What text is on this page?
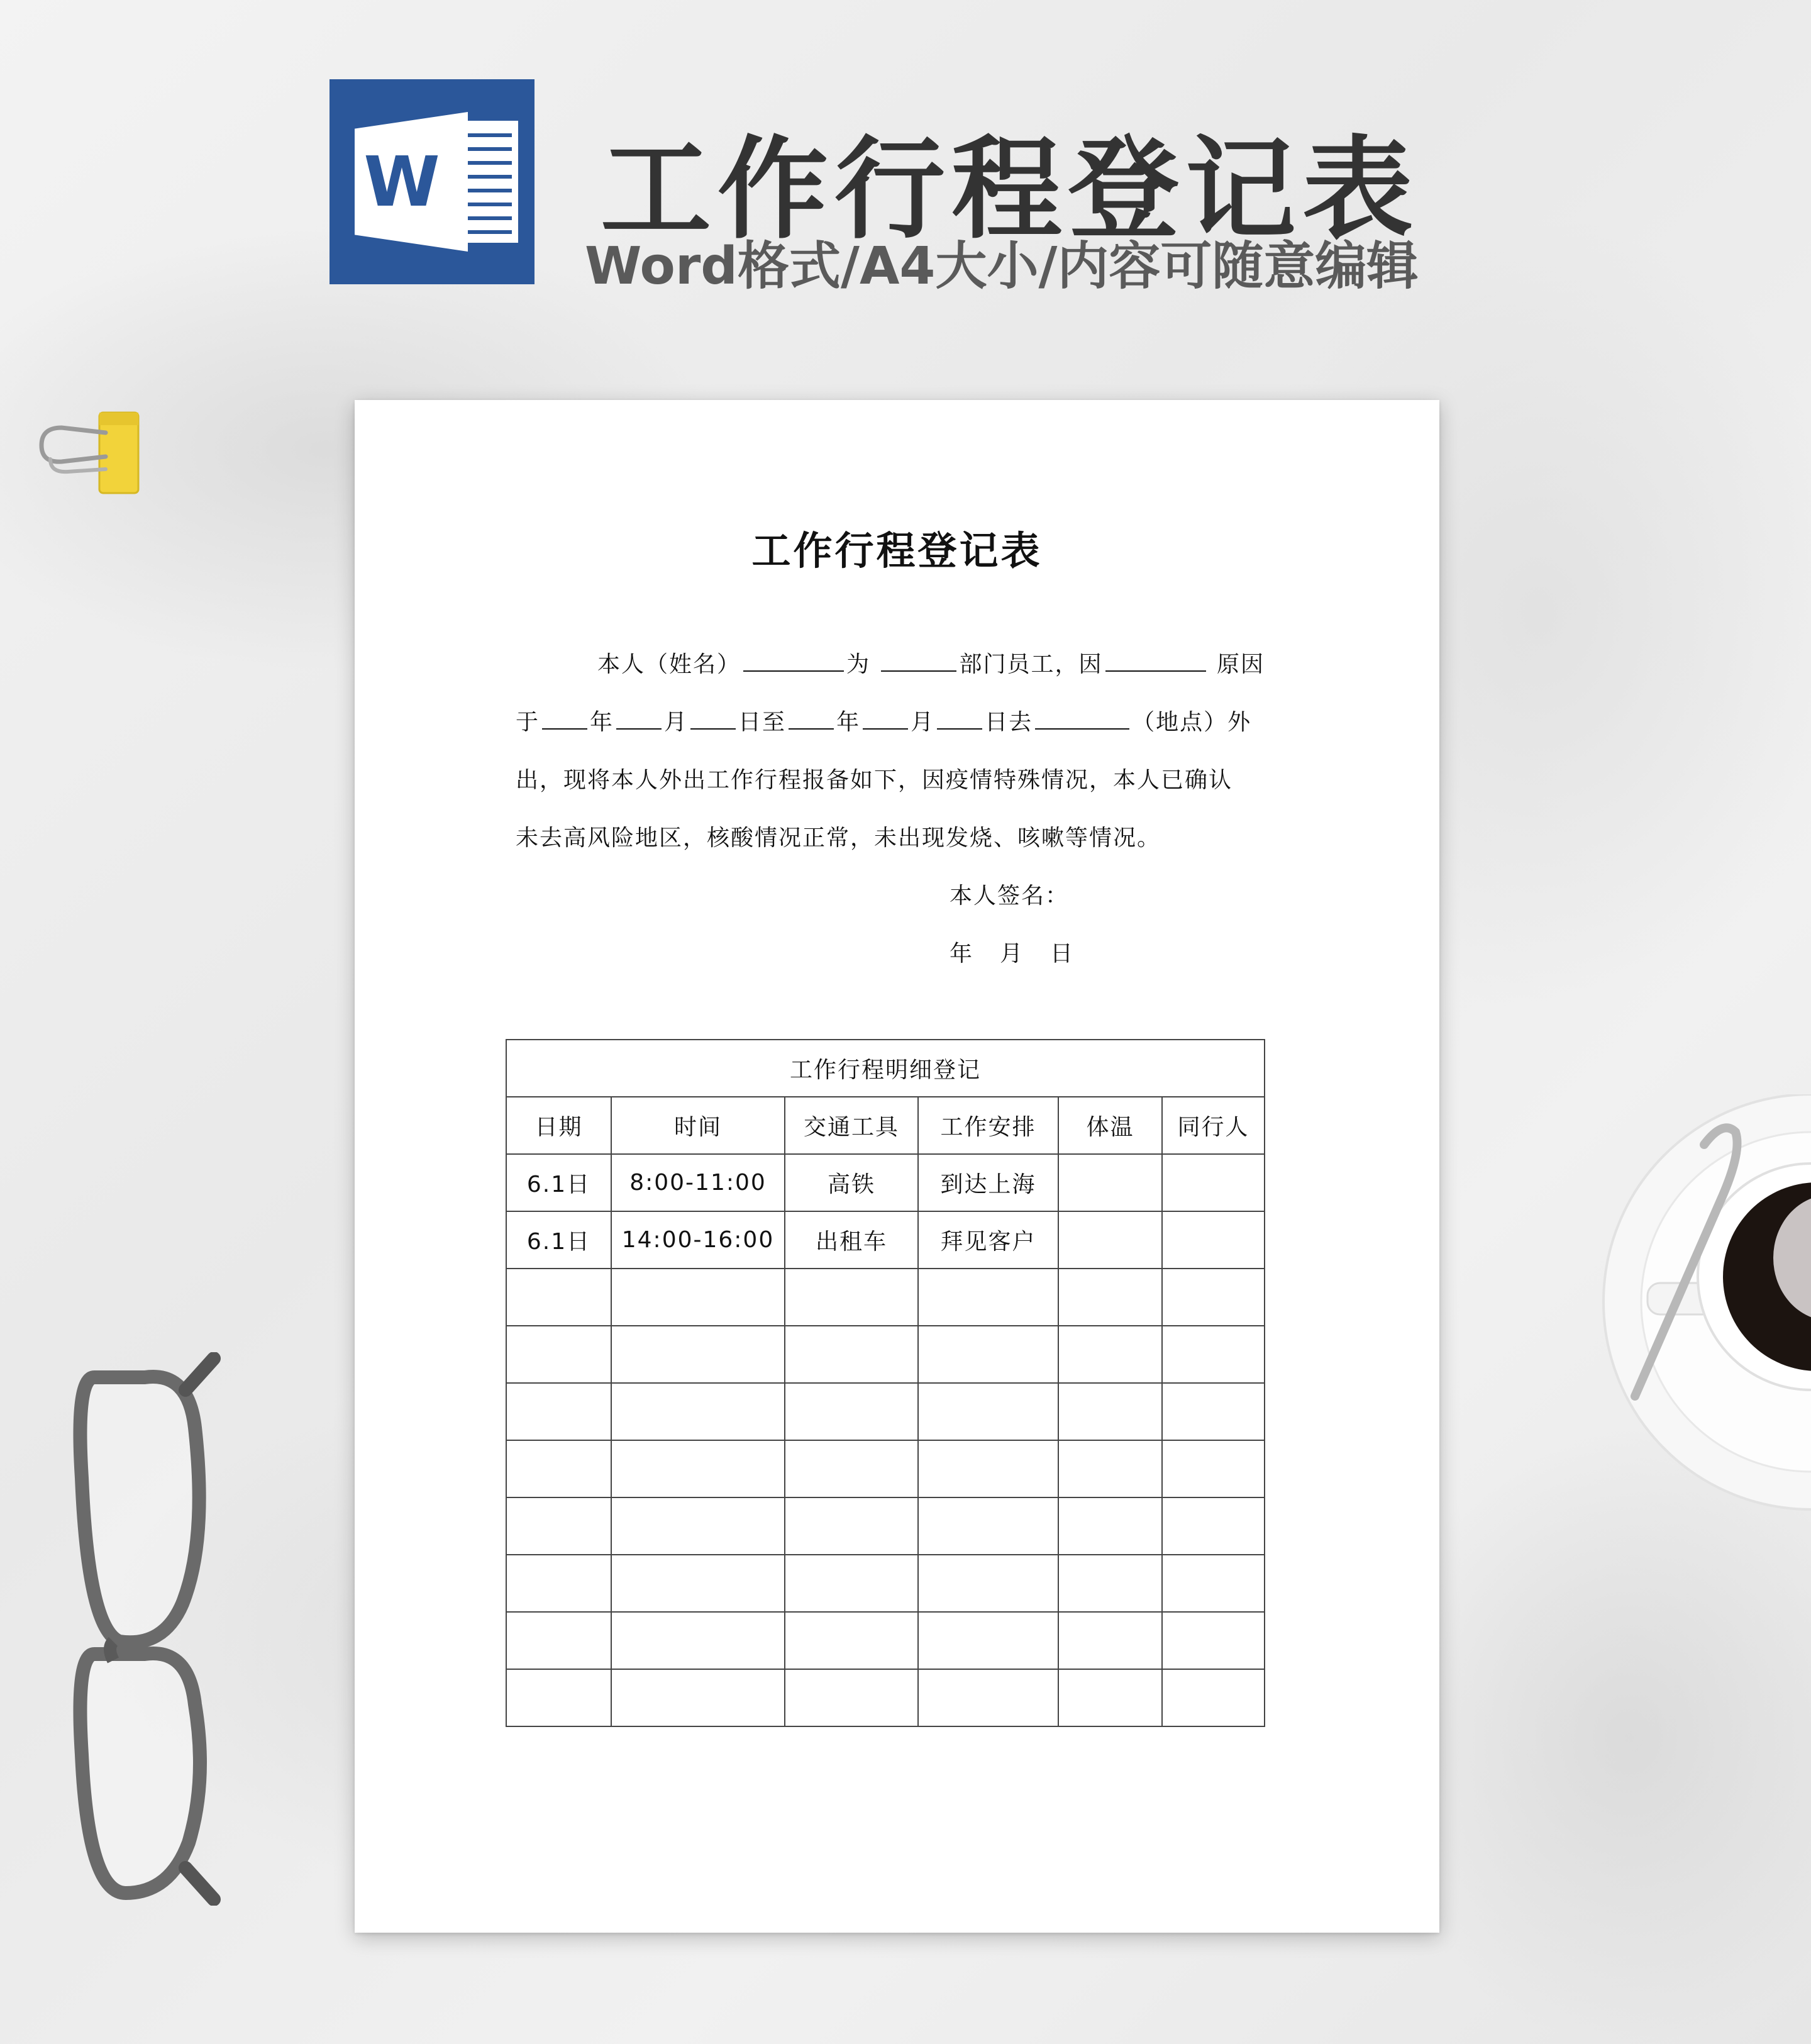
W 工作行程登记表
Word格式/A4大小/内容可随意编辑
工作行程登记表
本人（姓名）	为	部门员工，因	原因
于 年 月 日至 年 月 日去	（地点）外
出，现将本人外出工作行程报备如下，因疫情特殊情况，本人已确认
未去高风险地区，核酸情况正常，未出现发烧、咳嗽等情况。
本人签名：
年 月 日
工作行程明细登记					
日期	时间	交通工具	工作安排	体温	同行人
6.1日	8:00-11:00	高铁	到达上海		
6.1日	14:00-16:00	出租车	拜见客户		
